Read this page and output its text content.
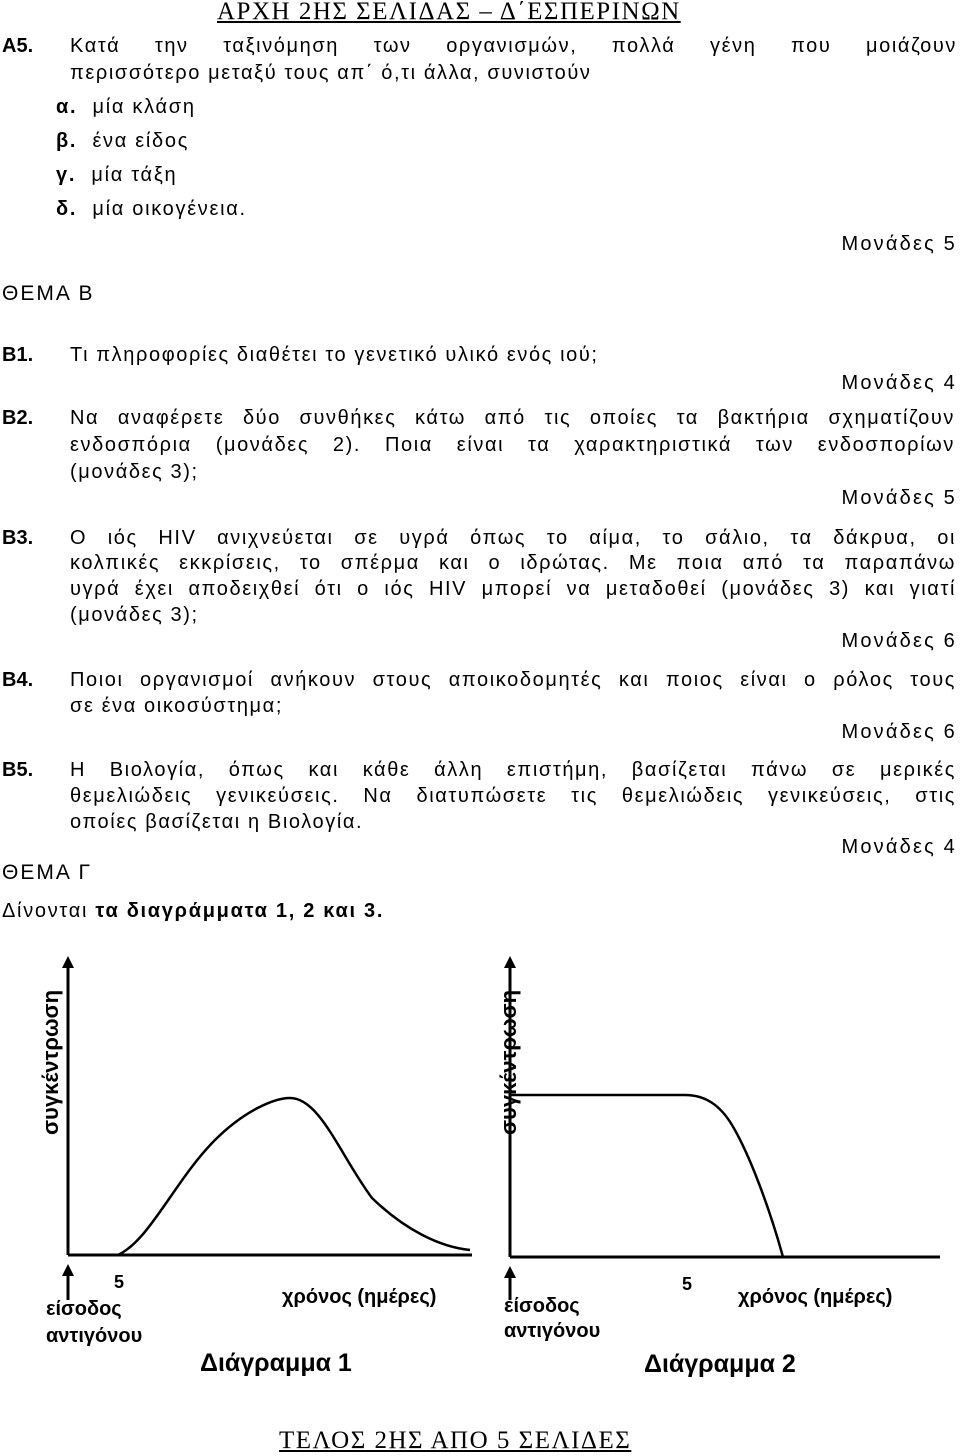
ΑΡΧΗ 2ΗΣ ΣΕΛΙΔΑΣ – Δ΄ΕΣΠΕΡΙΝΩΝ
Α5. Κατά την ταξινόμηση των οργανισμών, πολλά γένη που μοιάζουν
περισσότερο μεταξύ τους απ΄ ό,τι άλλα, συνιστούν
α. μία κλάση
β. ένα είδος
γ. μία τάξη
δ. μία οικογένεια.
Μονάδες 5
ΘΕΜΑ Β
Β1. Τι πληροφορίες διαθέτει το γενετικό υλικό ενός ιού;
Μονάδες 4
Β2. Να αναφέρετε δύο συνθήκες κάτω από τις οποίες τα βακτήρια σχηματίζουν
ενδοσπόρια (μονάδες 2). Ποια είναι τα χαρακτηριστικά των ενδοσπορίων
(μονάδες 3);
Μονάδες 5
Β3. Ο ιός HIV ανιχνεύεται σε υγρά όπως το αίμα, το σάλιο, τα δάκρυα, οι
κολπικές εκκρίσεις, το σπέρμα και ο ιδρώτας. Με ποια από τα παραπάνω
υγρά έχει αποδειχθεί ότι ο ιός HIV μπορεί να μεταδοθεί (μονάδες 3) και γιατί
(μονάδες 3);
Μονάδες 6
Β4. Ποιοι οργανισμοί ανήκουν στους αποικοδομητές και ποιος είναι ο ρόλος τους
σε ένα οικοσύστημα;
Μονάδες 6
Β5. Η Βιολογία, όπως και κάθε άλλη επιστήμη, βασίζεται πάνω σε μερικές
θεμελιώδεις γενικεύσεις. Να διατυπώσετε τις θεμελιώδεις γενικεύσεις, στις
οποίες βασίζεται η Βιολογία.
Μονάδες 4
ΘΕΜΑ Γ
Δίνονται τα διαγράμματα 1, 2 και 3.
συγκέντρωση
5
χρόνος (ημέρες)
είσοδος
αντιγόνου
Διάγραμμα 1
συγκέντρωση
5
χρόνος (ημέρες)
είσοδος
αντιγόνου
Διάγραμμα 2
ΤΕΛΟΣ 2ΗΣ ΑΠΟ 5 ΣΕΛΙΔΕΣ
